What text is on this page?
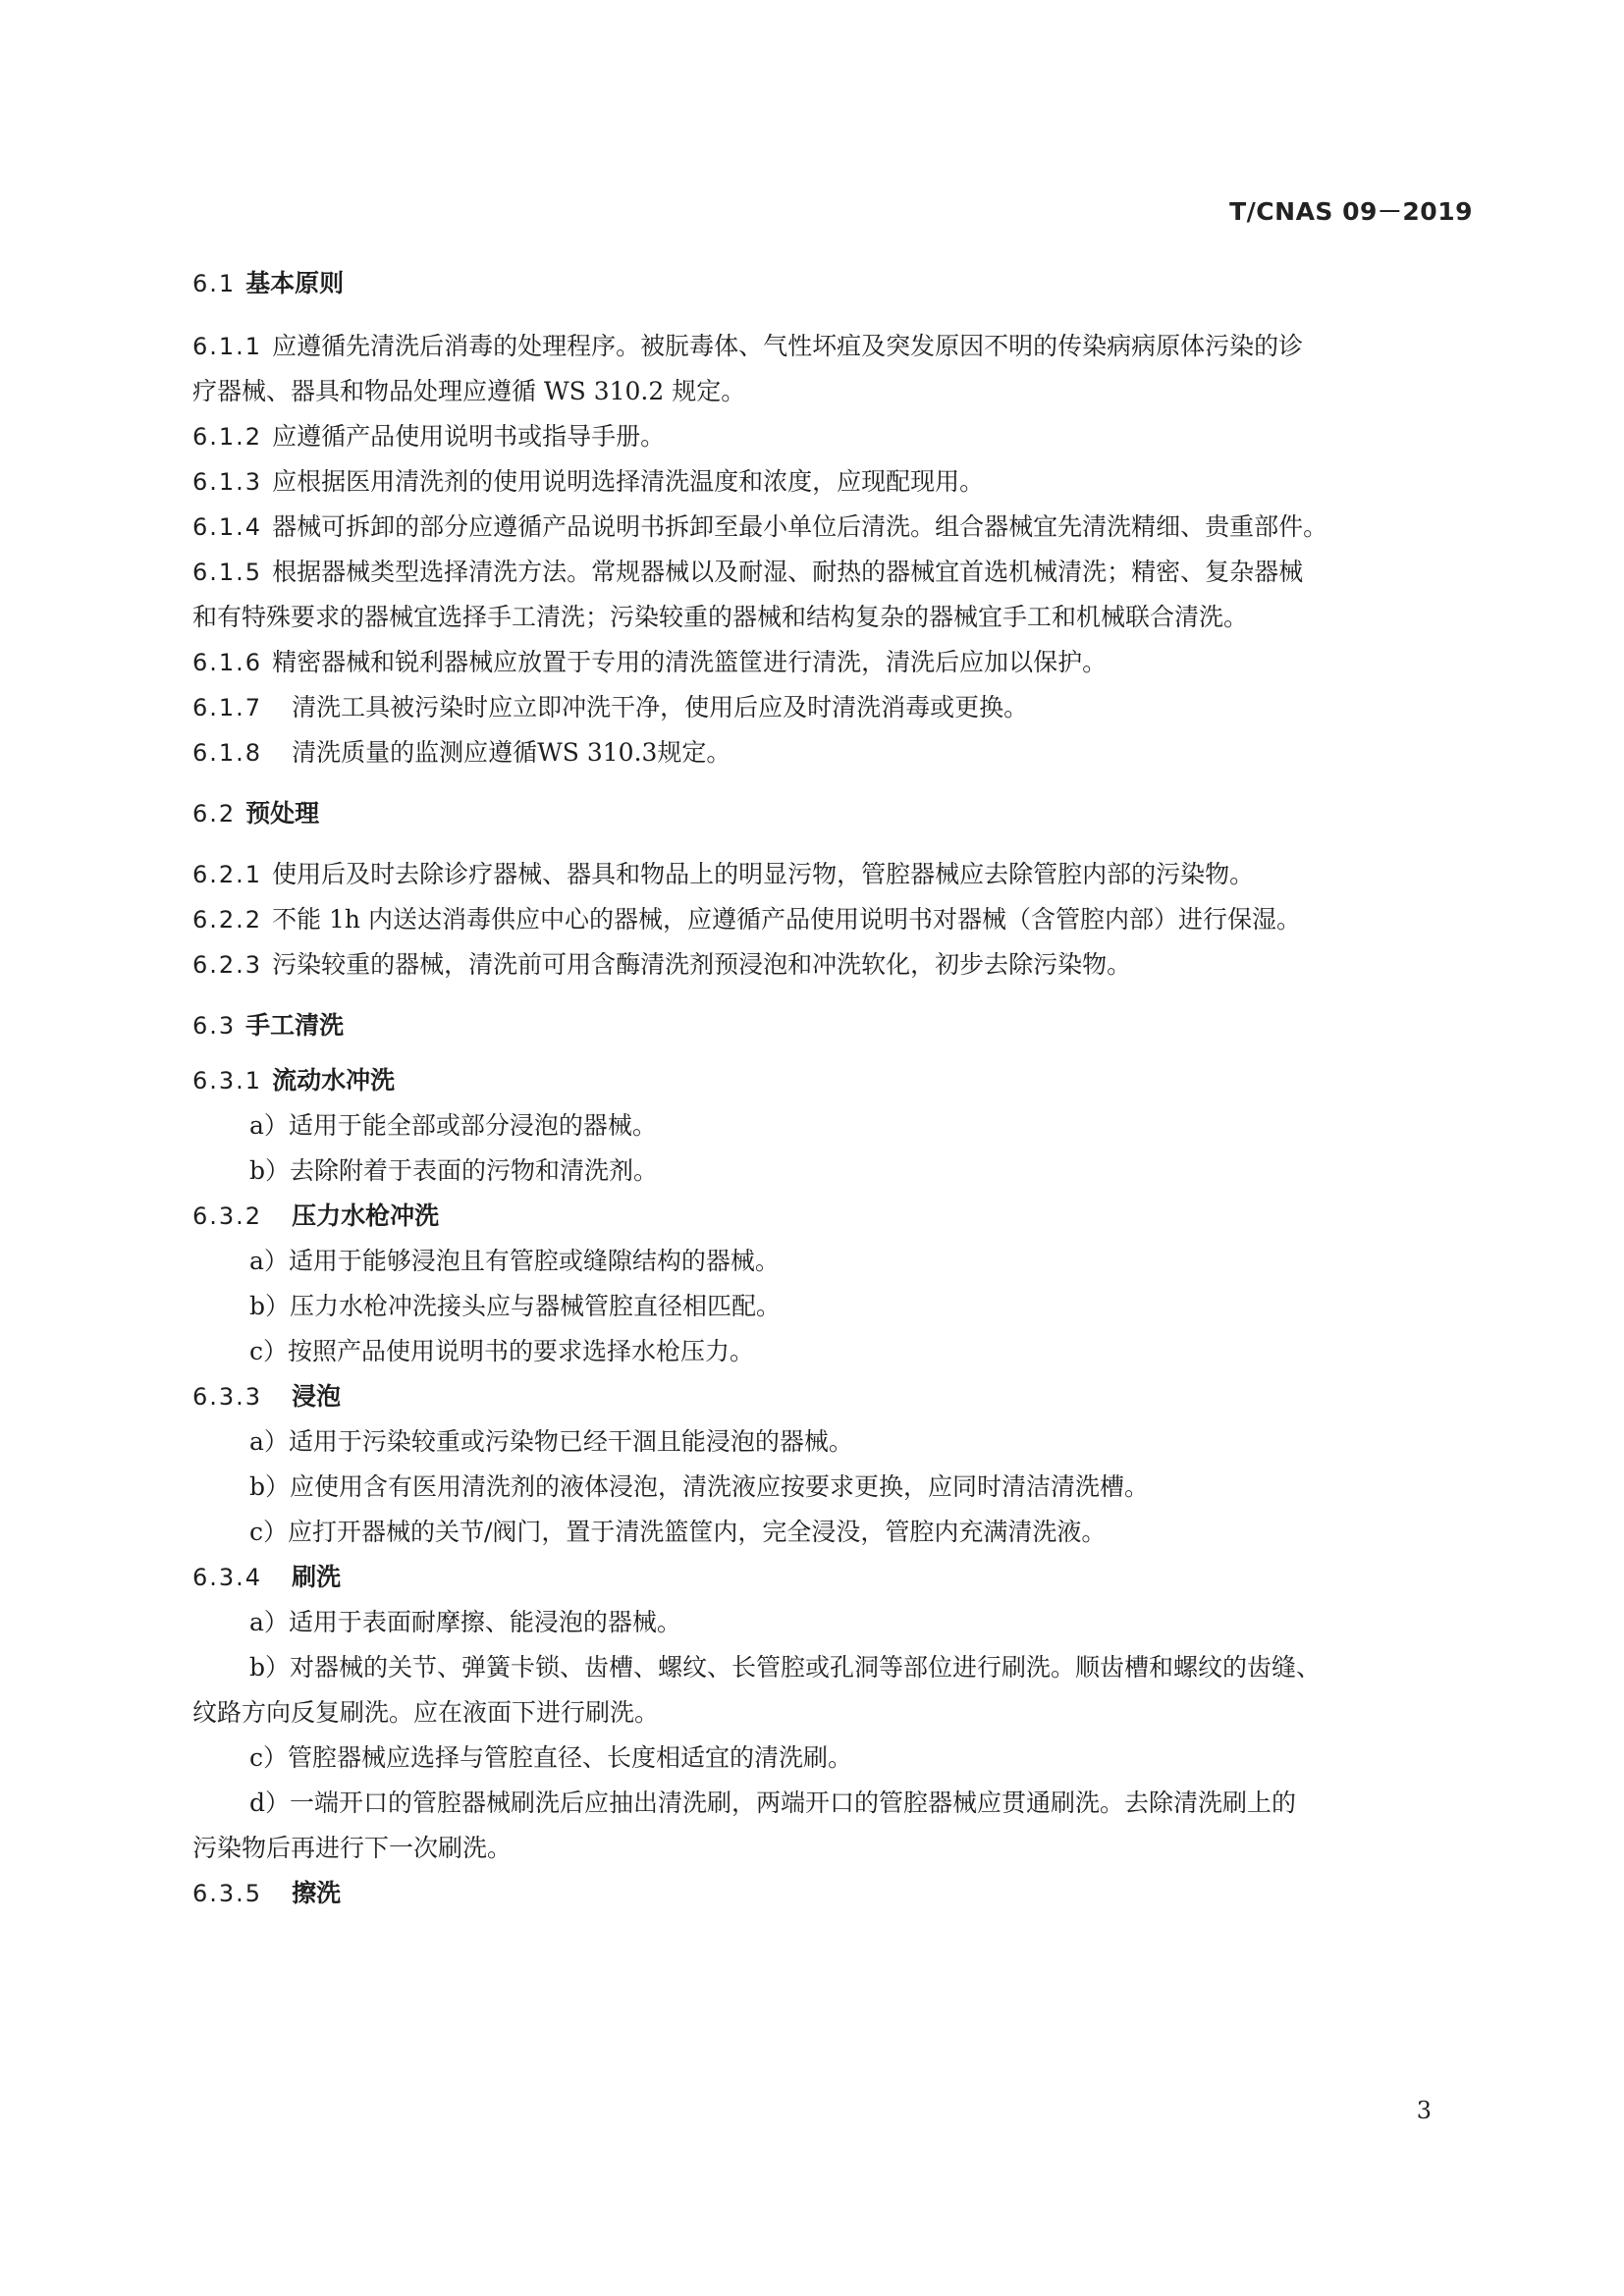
T/CNAS 09－2019
6.1 基本原则
6.1.1 应遵循先清洗后消毒的处理程序。被朊毒体、气性坏疽及突发原因不明的传染病病原体污染的诊
疗器械、器具和物品处理应遵循 WS 310.2 规定。
6.1.2 应遵循产品使用说明书或指导手册。
6.1.3 应根据医用清洗剂的使用说明选择清洗温度和浓度，应现配现用。
6.1.4 器械可拆卸的部分应遵循产品说明书拆卸至最小单位后清洗。组合器械宜先清洗精细、贵重部件。
6.1.5 根据器械类型选择清洗方法。常规器械以及耐湿、耐热的器械宜首选机械清洗；精密、复杂器械
和有特殊要求的器械宜选择手工清洗；污染较重的器械和结构复杂的器械宜手工和机械联合清洗。
6.1.6 精密器械和锐利器械应放置于专用的清洗篮筐进行清洗，清洗后应加以保护。
6.1.7 清洗工具被污染时应立即冲洗干净，使用后应及时清洗消毒或更换。
6.1.8 清洗质量的监测应遵循WS 310.3规定。
6.2 预处理
6.2.1 使用后及时去除诊疗器械、器具和物品上的明显污物，管腔器械应去除管腔内部的污染物。
6.2.2 不能 1h 内送达消毒供应中心的器械，应遵循产品使用说明书对器械（含管腔内部）进行保湿。
6.2.3 污染较重的器械，清洗前可用含酶清洗剂预浸泡和冲洗软化，初步去除污染物。
6.3 手工清洗
6.3.1 流动水冲洗
a）适用于能全部或部分浸泡的器械。
b）去除附着于表面的污物和清洗剂。
6.3.2 压力水枪冲洗
a）适用于能够浸泡且有管腔或缝隙结构的器械。
b）压力水枪冲洗接头应与器械管腔直径相匹配。
c）按照产品使用说明书的要求选择水枪压力。
6.3.3 浸泡
a）适用于污染较重或污染物已经干涸且能浸泡的器械。
b）应使用含有医用清洗剂的液体浸泡，清洗液应按要求更换，应同时清洁清洗槽。
c）应打开器械的关节/阀门，置于清洗篮筐内，完全浸没，管腔内充满清洗液。
6.3.4 刷洗
a）适用于表面耐摩擦、能浸泡的器械。
b）对器械的关节、弹簧卡锁、齿槽、螺纹、长管腔或孔洞等部位进行刷洗。顺齿槽和螺纹的齿缝、
纹路方向反复刷洗。应在液面下进行刷洗。
c）管腔器械应选择与管腔直径、长度相适宜的清洗刷。
d）一端开口的管腔器械刷洗后应抽出清洗刷，两端开口的管腔器械应贯通刷洗。去除清洗刷上的
污染物后再进行下一次刷洗。
6.3.5 擦洗
3
